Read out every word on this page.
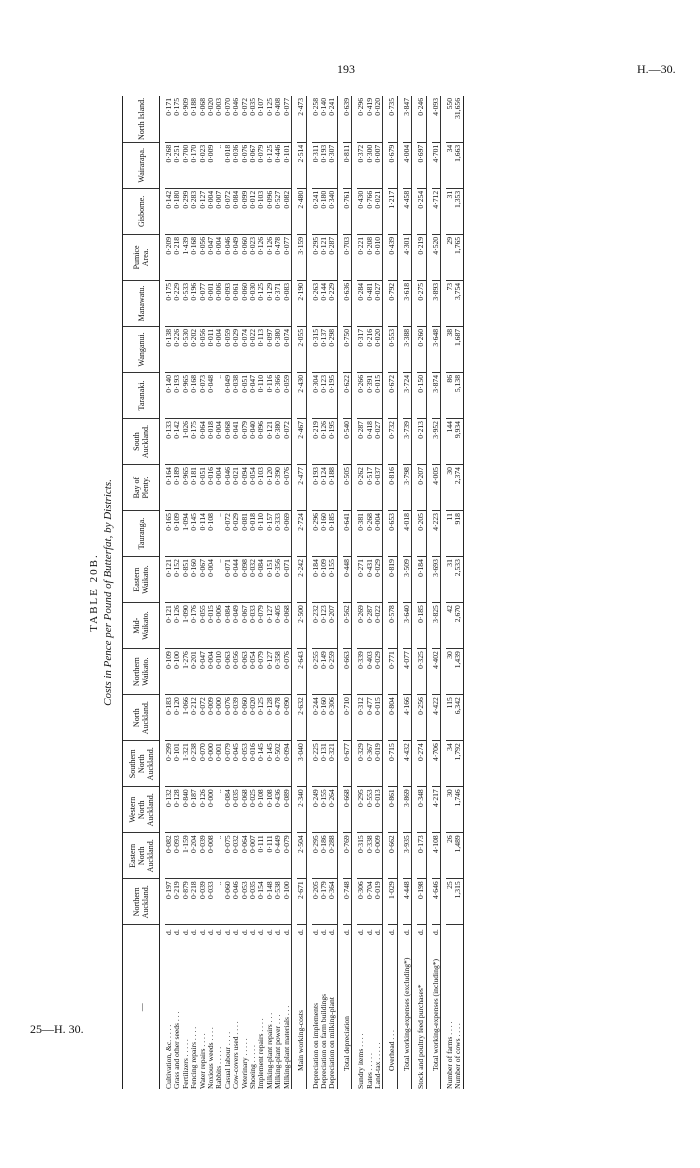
193	H.—30.
TABLE 20B. Costs in Pence per Pound of Butterfat, by Districts.
—		Northern Auckland.	Eastern North Auckland.	Western North Auckland.	Southern North Auckland.	North Auckland.	Northern Waikato.	Mid-Waikato.	Eastern Waikato.	Tauranga.	Bay of Plenty.	South Auckland.	Taranaki.	Wanganui.	Manawatu.	Pumice Area.	Gisborne.	Wairarapa.	North Island.

Cultivation, &c. . . . .	d.	0·197	0·082	0·132	0·299	0·183	0·109	0·121	0·121	0·165	0·164	0·133	0·140	0·138	0·175	0·209	0·142	0·268	0·171
Grass and other seeds . . .	d.	0·219	0·093	0·128	0·101	0·120	0·100	0·126	0·152	0·109	0·189	0·142	0·193	0·226	0·229	0·218	0·180	0·251	0·175
Fertilizers . . . . .	d.	0·879	1·159	0·840	1·321	1·066	1·276	1·090	0·851	1·094	0·965	1·026	0·965	0·530	0·533	1·439	0·299	0·700	0·909
Fencing repairs . . . .	d.	0·218	0·204	0·187	0·238	0·212	0·201	0·176	0·160	0·145	0·181	0·175	0·168	0·202	0·196	0·168	0·283	0·170	0·188
Water repairs . . . .	d.	0·039	0·039	0·126	0·070	0·072	0·047	0·055	0·067	0·114	0·051	0·064	0·073	0·056	0·077	0·056	0·127	0·023	0·068
Noxious weeds . . . .	d.	0·033	0·008	0·000	0·000	0·009	0·004	0·015	0·004	0·108	0·016	0·018	0·048	0·011	0·001	0·047	0·004	0·009	0·020
Rabbits . . . . .	d.	..	..	..	0·001	0·000	0·010	0·006	..	..	0·004	0·004	..	0·004	0·006	0·004	0·007	..	0·003
Casual labour . . . .	d.	0·060	0·075	0·084	0·079	0·076	0·063	0·084	0·071	0·072	0·046	0·068	0·049	0·059	0·093	0·046	0·072	0·018	0·070
Cow-covers used . . . .	d.	0·046	0·032	0·035	0·045	0·039	0·056	0·049	0·044	0·029	0·021	0·041	0·038	0·029	0·061	0·049	0·084	0·036	0·046
Veterinary . . . . .	d.	0·053	0·064	0·068	0·053	0·060	0·063	0·067	0·098	0·081	0·094	0·079	0·051	0·074	0·060	0·060	0·099	0·076	0·072
Shoeing . . . . .	d.	0·035	0·007	0·025	0·016	0·020	0·054	0·033	0·032	0·018	0·054	0·040	0·047	0·022	0·030	0·023	0·012	0·067	0·035
Implement repairs . . . .	d.	0·154	0·111	0·108	0·145	0·125	0·079	0·079	0·084	0·110	0·103	0·096	0·110	0·113	0·125	0·126	0·103	0·079	0·107
Milking-plant repairs . . .	d.	0·148	0·111	0·108	0·145	0·128	0·127	0·127	0·151	0·157	0·120	0·121	0·116	0·097	0·129	0·126	0·096	0·125	0·125
Milking-plant power . . .	d.	0·538	0·449	0·436	0·502	0·478	0·358	0·405	0·356	0·333	0·390	0·380	0·366	0·380	0·371	0·478	0·527	0·446	0·408
Milking-plant materials . . .	d.	0·100	0·079	0·089	0·094	0·090	0·076	0·068	0·071	0·069	0·076	0·072	0·059	0·074	0·083	0·077	0·082	0·101	0·077

Main working-costs	d.	2·671	2·504	2·340	3·040	2·632	2·643	2·500	2·242	2·724	2·477	2·467	2·430	2·055	2·190	3·159	2·480	2·514	2·473

Depreciation on implements	d.	0·205	0·295	0·249	0·225	0·244	0·255	0·232	0·184	0·296	0·193	0·219	0·304	0·315	0·263	0·295	0·241	0·311	0·258
Depreciation on farm buildings	d.	0·179	0·186	0·155	0·131	0·160	0·149	0·123	0·109	0·160	0·124	0·126	0·123	0·137	0·144	0·121	0·180	0·193	0·140
Depreciation on milking-plant	d.	0·364	0·288	0·264	0·321	0·306	0·259	0·207	0·155	0·185	0·188	0·195	0·195	0·298	0·229	0·287	0·340	0·307	0·241

Total depreciation	d.	0·748	0·769	0·668	0·677	0·710	0·663	0·562	0·448	0·641	0·505	0·540	0·622	0·750	0·636	0·703	0·761	0·811	0·639

Sundry items . . . .	d.	0·306	0·315	0·295	0·329	0·312	0·339	0·269	0·271	0·381	0·262	0·287	0·266	0·317	0·284	0·221	0·430	0·372	0·296
Rates . . . . .	d.	0·704	0·338	0·553	0·367	0·477	0·403	0·287	0·431	0·268	0·517	0·418	0·391	0·216	0·481	0·208	0·766	0·300	0·419
Land-tax . . . . .	d.	0·019	0·009	0·013	0·019	0·015	0·029	0·022	0·029	0·004	0·037	0·027	0·015	0·020	0·027	0·010	0·021	0·007	0·020

Overhead . . .	d.	1·029	0·662	0·861	0·715	0·804	0·771	0·578	0·819	0·653	0·816	0·732	0·672	0·553	0·792	0·439	1·217	0·679	0·735

Total working-expenses (excluding*)	d.	4·448	3·935	3·869	4·432	4·166	4·077	3·640	3·509	4·018	3·798	3·739	3·724	3·388	3·618	4·301	4·458	4·004	3·847

Stock and poultry feed purchases*	d.	0·198	0·173	0·348	0·274	0·256	0·325	0·185	0·184	0·205	0·207	0·213	0·150	0·260	0·275	0·219	0·254	0·697	0·246

Total working-expenses (including*)	d.	4·646	4·108	4·217	4·706	4·422	4·402	3·825	3·693	4·223	4·005	3·952	3·874	3·648	3·893	4·520	4·712	4·701	4·093

Number of farms . . . .		25	26	30	34	115	30	42	31	11	30	144	86	38	73	29	31	34	550
Number of cows . . . .		1,315	1,489	1,746	1,792	6,342	1,439	2,670	2,533	918	2,374	9,934	5,138	1,687	3,754	1,765	1,353	1,663	31,656
25—H. 30.
